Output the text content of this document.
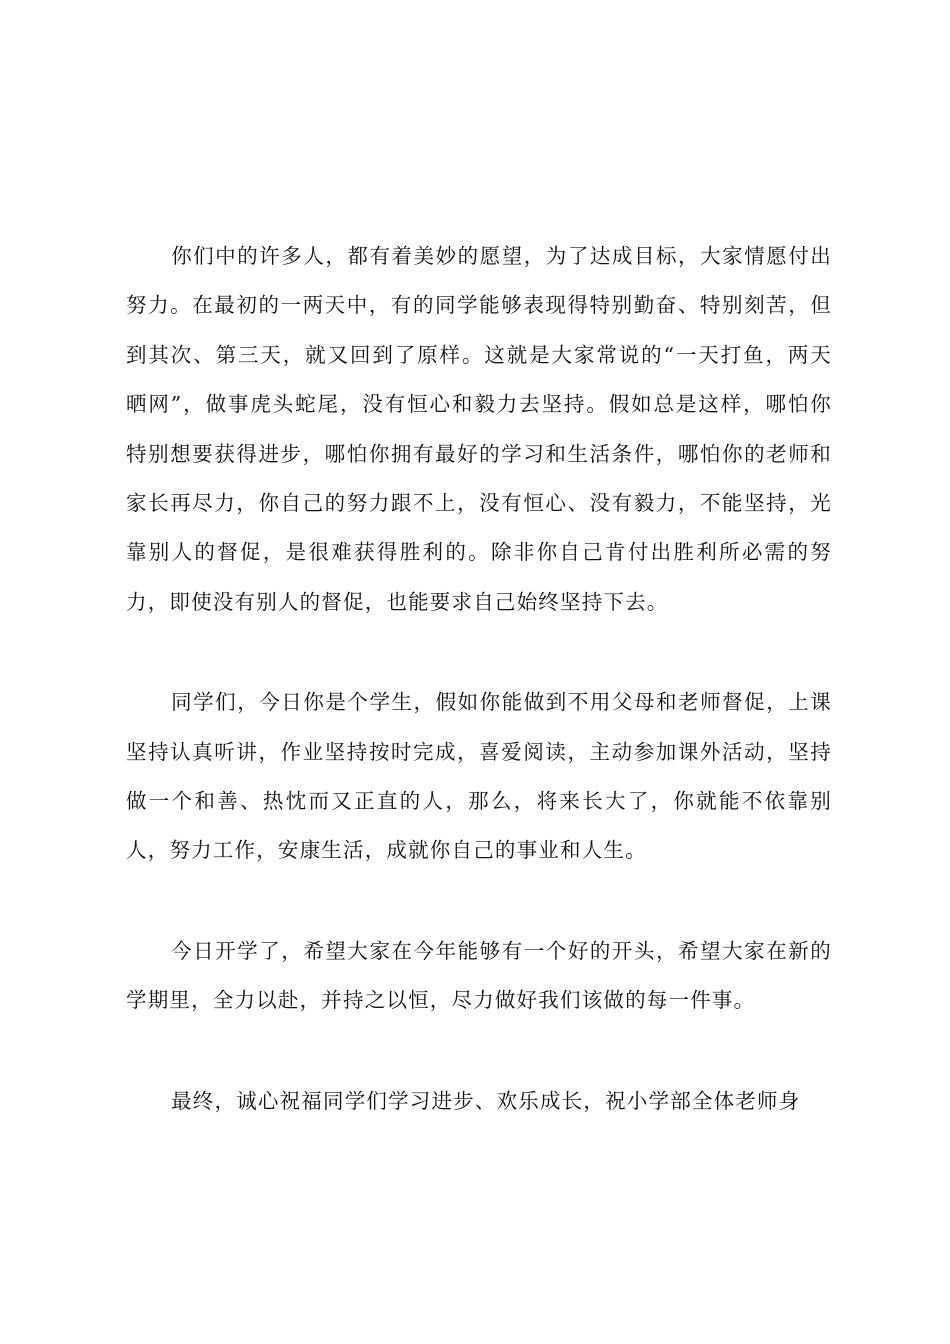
你们中的许多人，都有着美妙的愿望，为了达成目标，大家情愿付出努力。在最初的一两天中，有的同学能够表现得特别勤奋、特别刻苦，但到其次、第三天，就又回到了原样。这就是大家常说的“一天打鱼，两天晒网”，做事虎头蛇尾，没有恒心和毅力去坚持。假如总是这样，哪怕你特别想要获得进步，哪怕你拥有最好的学习和生活条件，哪怕你的老师和家长再尽力，你自己的努力跟不上，没有恒心、没有毅力，不能坚持，光靠别人的督促，是很难获得胜利的。除非你自己肯付出胜利所必需的努力，即使没有别人的督促，也能要求自己始终坚持下去。

同学们，今日你是个学生，假如你能做到不用父母和老师督促，上课坚持认真听讲，作业坚持按时完成，喜爱阅读，主动参加课外活动，坚持做一个和善、热忱而又正直的人，那么，将来长大了，你就能不依靠别人，努力工作，安康生活，成就你自己的事业和人生。

今日开学了，希望大家在今年能够有一个好的开头，希望大家在新的学期里，全力以赴，并持之以恒，尽力做好我们该做的每一件事。

最终，诚心祝福同学们学习进步、欢乐成长，祝小学部全体老师身
